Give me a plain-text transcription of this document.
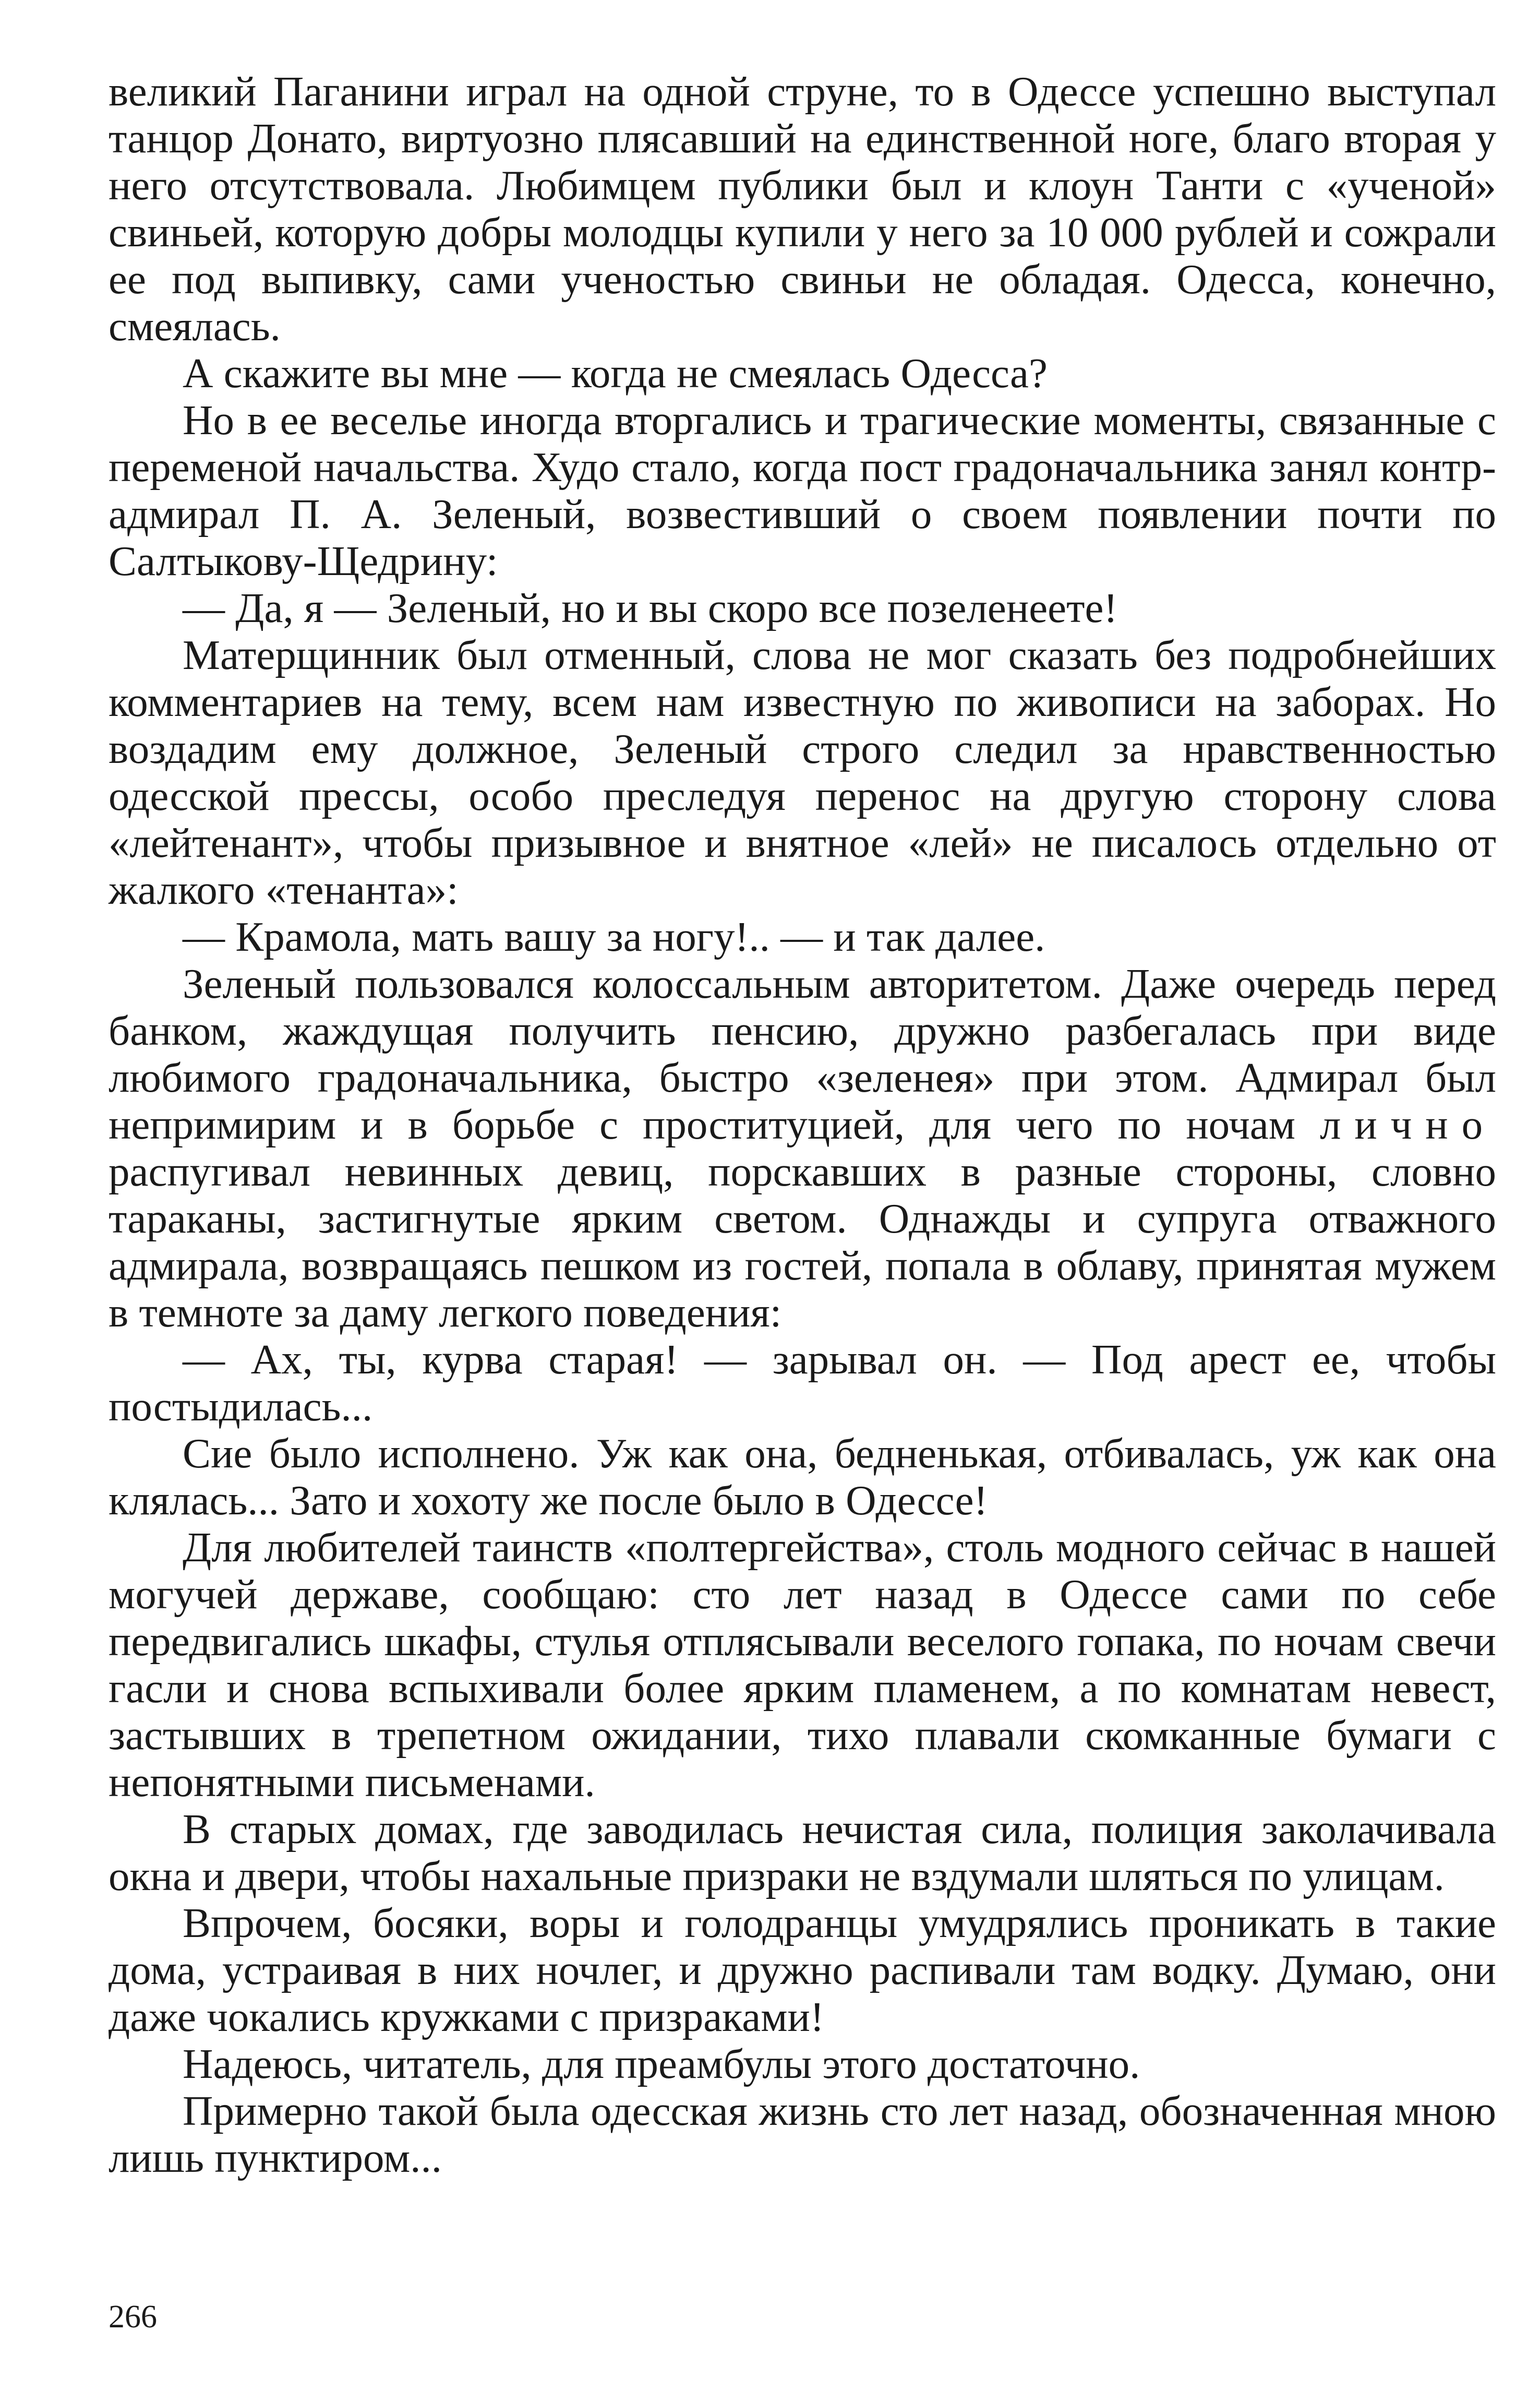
великий Паганини играл на одной струне, то в Одессе успешно выступал танцор Донато, виртуозно плясавший на единственной ноге, благо вторая у него отсутствовала. Любимцем публики был и клоун Танти с «ученой» свиньей, которую добры молодцы купили у него за 10 000 рублей и сожрали ее под выпивку, сами ученостью свиньи не обладая. Одесса, конечно, смеялась.

А скажите вы мне — когда не смеялась Одесса?

Но в ее веселье иногда вторгались и трагические моменты, связанные с переменой начальства. Худо стало, когда пост градоначальника занял контр-адмирал П. А. Зеленый, возвестивший о своем появлении почти по Салтыкову-Щедрину:

— Да, я — Зеленый, но и вы скоро все позеленеете!

Матерщинник был отменный, слова не мог сказать без подробнейших комментариев на тему, всем нам известную по живописи на заборах. Но воздадим ему должное, Зеленый строго следил за нравственностью одесской прессы, особо преследуя перенос на другую сторону слова «лейтенант», чтобы призывное и внятное «лей» не писалось отдельно от жалкого «тенанта»:

— Крамола, мать вашу за ногу!.. — и так далее.

Зеленый пользовался колоссальным авторитетом. Даже очередь перед банком, жаждущая получить пенсию, дружно разбегалась при виде любимого градоначальника, быстро «зеленея» при этом. Адмирал был непримирим и в борьбе с проституцией, для чего по ночам лично распугивал невинных девиц, порскавших в разные стороны, словно тараканы, застигнутые ярким светом. Однажды и супруга отважного адмирала, возвращаясь пешком из гостей, попала в облаву, принятая мужем в темноте за даму легкого поведения:

— Ах, ты, курва старая! — зарывал он. — Под арест ее, чтобы постыдилась...

Сие было исполнено. Уж как она, бедненькая, отбивалась, уж как она клялась... Зато и хохоту же после было в Одессе!

Для любителей таинств «полтергейства», столь модного сейчас в нашей могучей державе, сообщаю: сто лет назад в Одессе сами по себе передвигались шкафы, стулья отплясывали веселого гопака, по ночам свечи гасли и снова вспыхивали более ярким пламенем, а по комнатам невест, застывших в трепетном ожидании, тихо плавали скомканные бумаги с непонятными письменами.

В старых домах, где заводилась нечистая сила, полиция заколачивала окна и двери, чтобы нахальные призраки не вздумали шляться по улицам.

Впрочем, босяки, воры и голодранцы умудрялись проникать в такие дома, устраивая в них ночлег, и дружно распивали там водку. Думаю, они даже чокались кружками с призраками!

Надеюсь, читатель, для преамбулы этого достаточно.

Примерно такой была одесская жизнь сто лет назад, обозначенная мною лишь пунктиром...

266
